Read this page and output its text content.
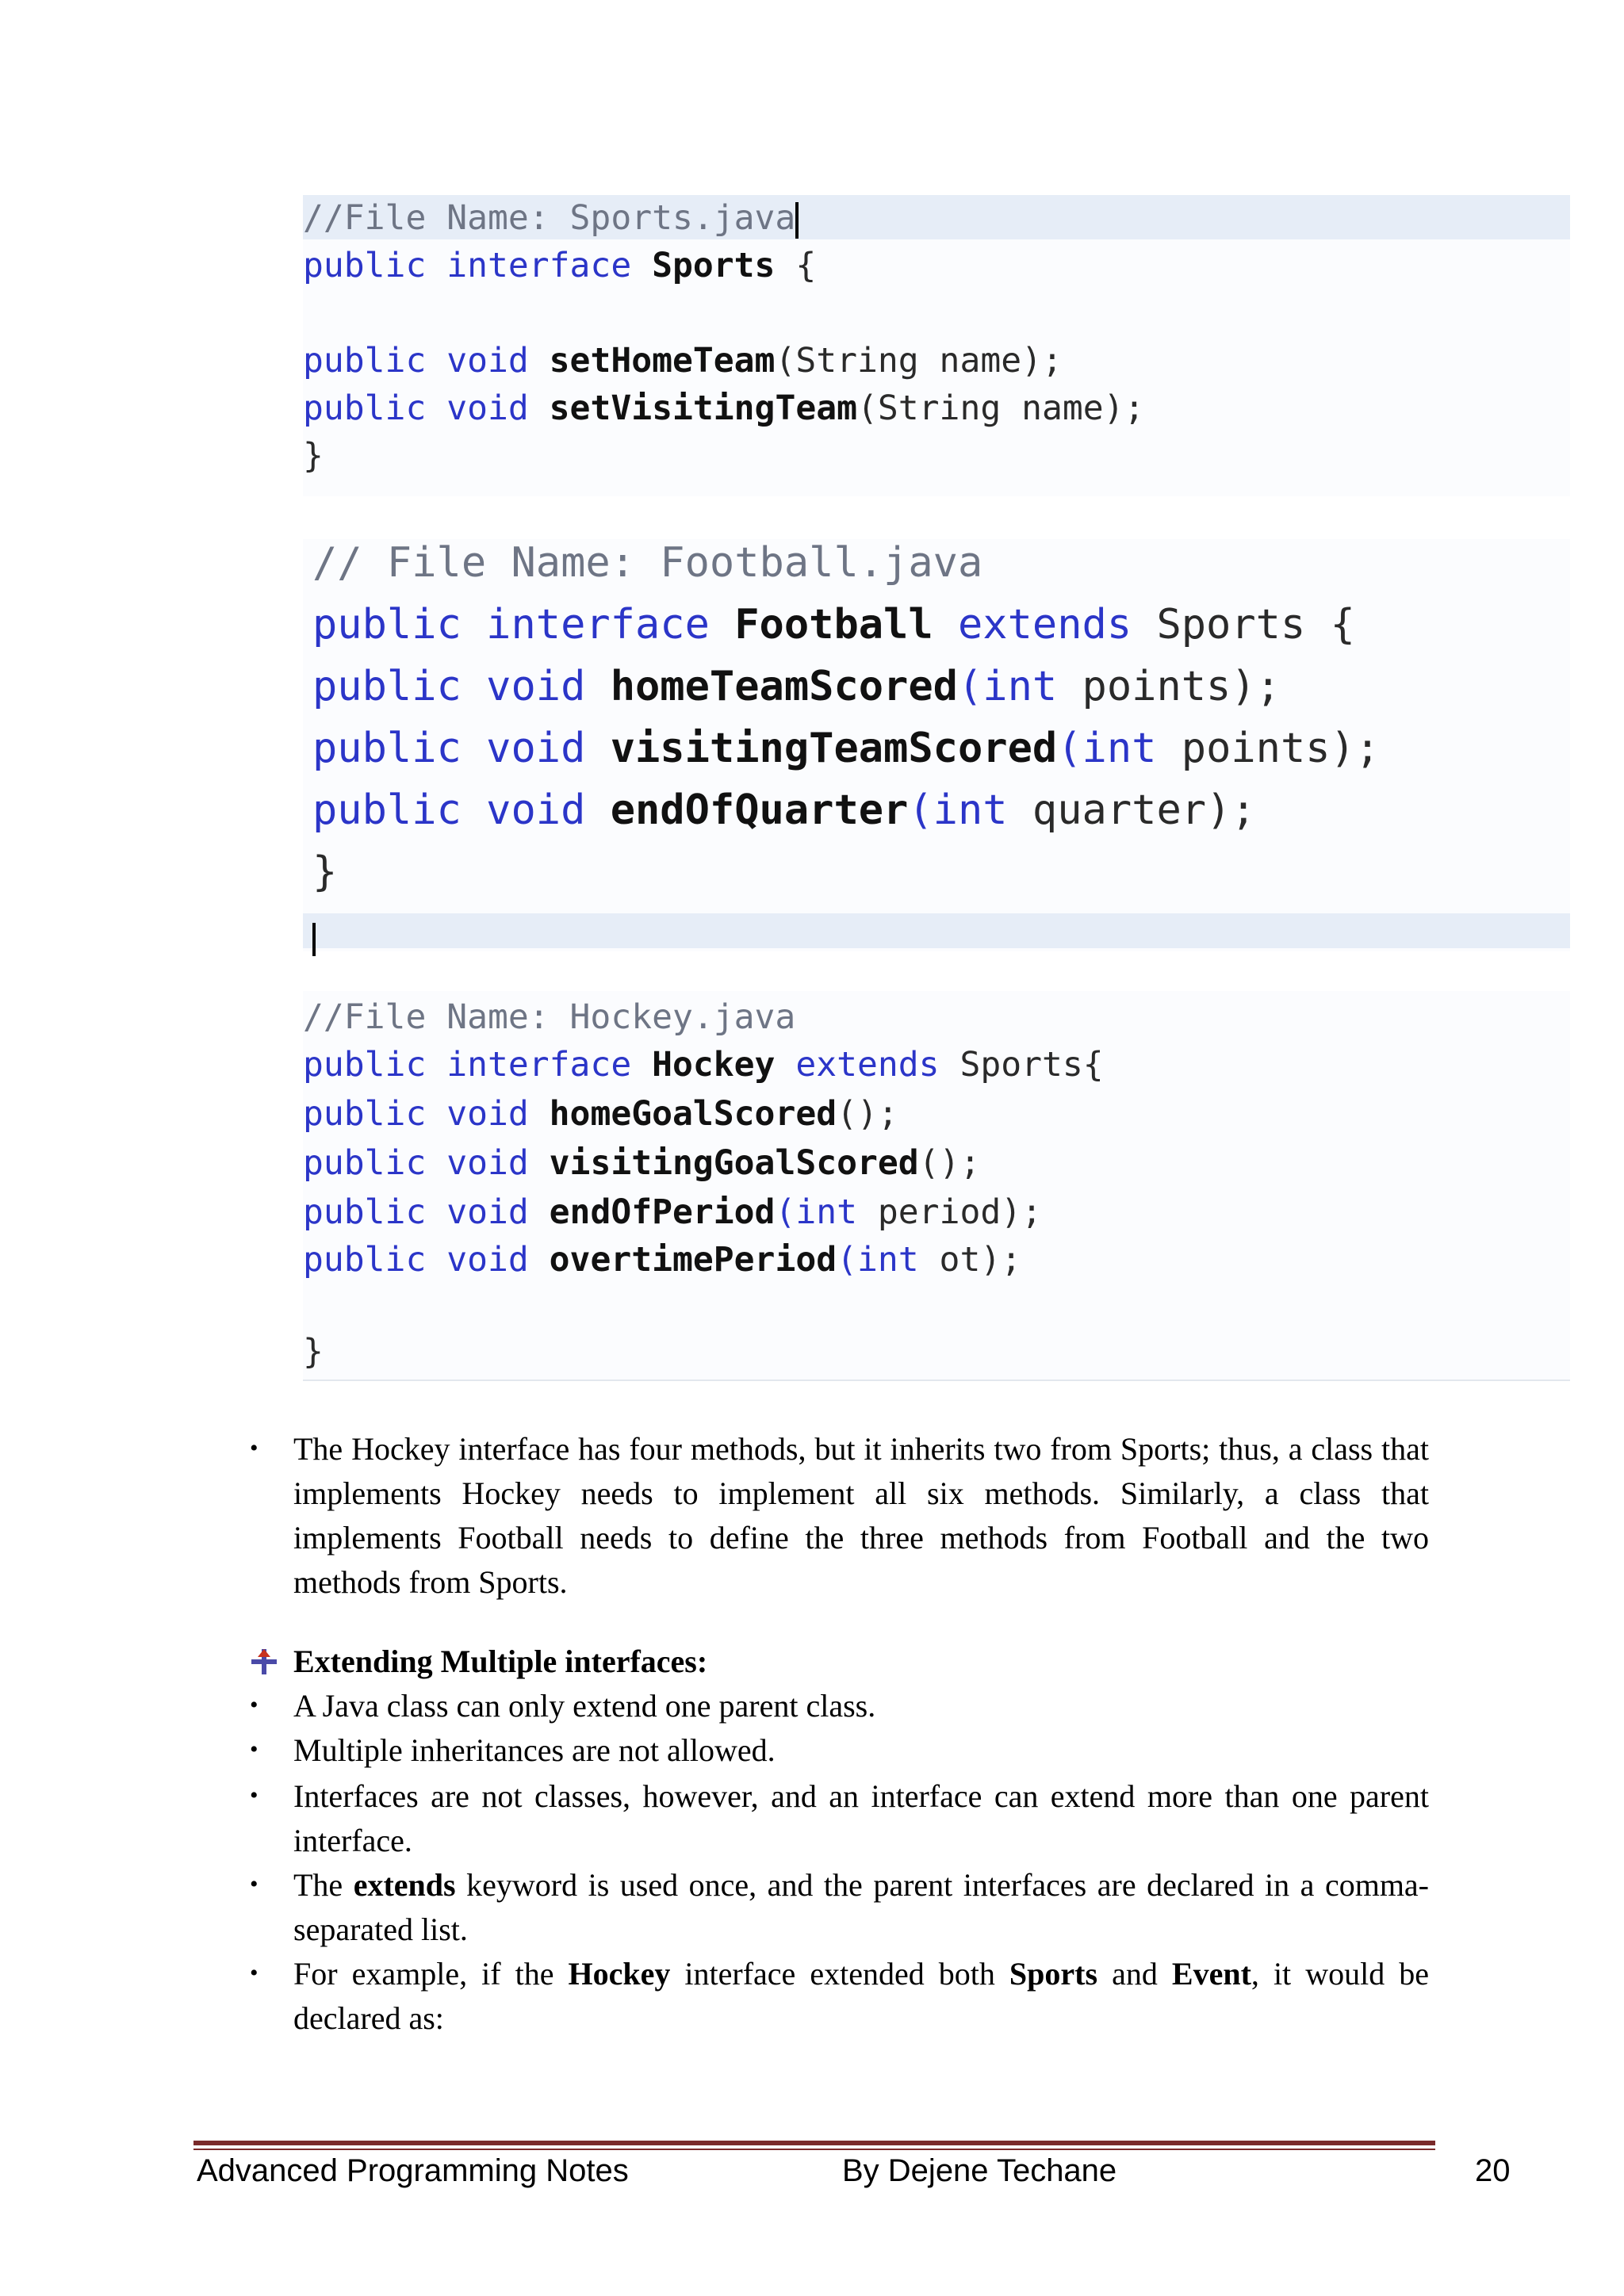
//File Name: Sports.java
public interface Sports {
public void setHomeTeam(String name);
public void setVisitingTeam(String name);
}
// File Name: Football.java
public interface Football extends Sports {
public void homeTeamScored(int points);
public void visitingTeamScored(int points);
public void endOfQuarter(int quarter);
}
//File Name: Hockey.java
public interface Hockey extends Sports{
public void homeGoalScored();
public void visitingGoalScored();
public void endOfPeriod(int period);
public void overtimePeriod(int ot);
}
• The Hockey interface has four methods, but it inherits two from Sports; thus, a class that implements Hockey needs to implement all six methods. Similarly, a class that implements Football needs to define the three methods from Football and the two methods from Sports.
Extending Multiple interfaces:
• A Java class can only extend one parent class.
• Multiple inheritances are not allowed.
• Interfaces are not classes, however, and an interface can extend more than one parent interface.
• The extends keyword is used once, and the parent interfaces are declared in a comma-separated list.
• For example, if the Hockey interface extended both Sports and Event, it would be declared as:
Advanced Programming Notes	By Dejene Techane	20
